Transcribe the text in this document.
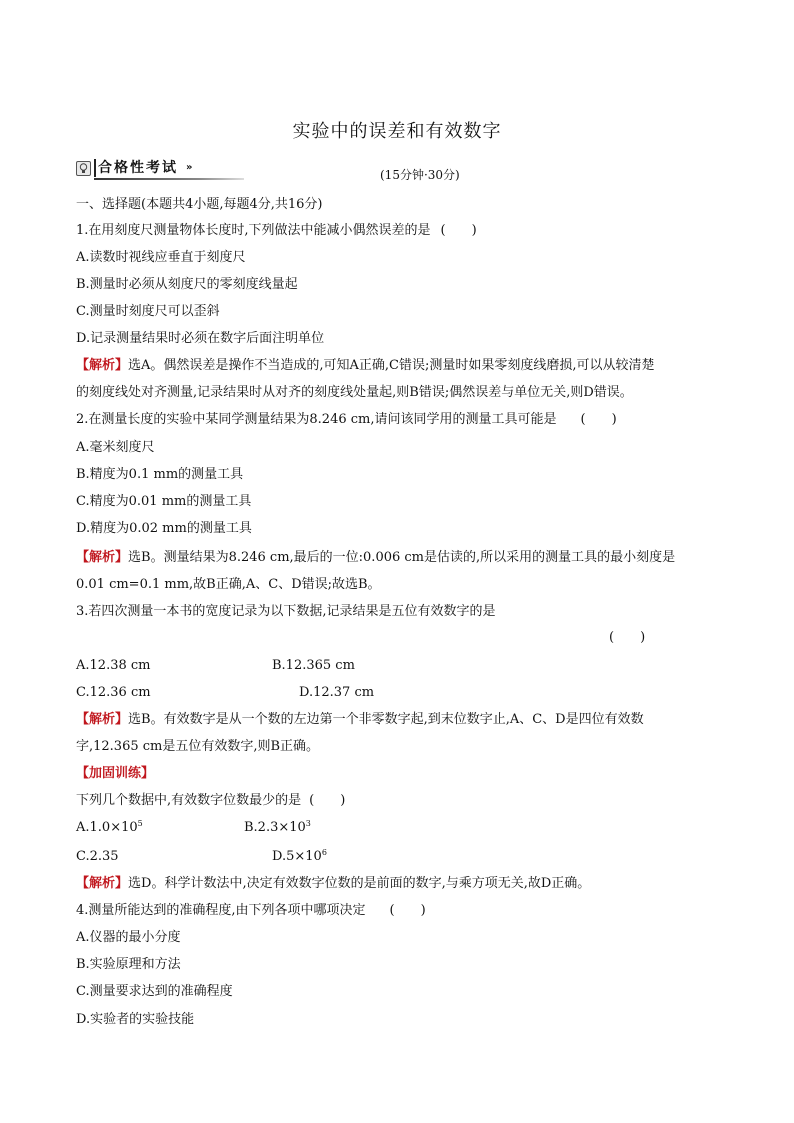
实验中的误差和有效数字
合格性考试 »
(15分钟·30分)
一、选择题(本题共4小题,每题4分,共16分)
1.在用刻度尺测量物体长度时,下列做法中能减小偶然误差的是 (　　)
A.读数时视线应垂直于刻度尺
B.测量时必须从刻度尺的零刻度线量起
C.测量时刻度尺可以歪斜
D.记录测量结果时必须在数字后面注明单位
【解析】选A。偶然误差是操作不当造成的,可知A正确,C错误;测量时如果零刻度线磨损,可以从较清楚
的刻度线处对齐测量,记录结果时从对齐的刻度线处量起,则B错误;偶然误差与单位无关,则D错误。
2.在测量长度的实验中某同学测量结果为8.246 cm,请问该同学用的测量工具可能是 (　　)
A.毫米刻度尺
B.精度为0.1 mm的测量工具
C.精度为0.01 mm的测量工具
D.精度为0.02 mm的测量工具
【解析】选B。测量结果为8.246 cm,最后的一位:0.006 cm是估读的,所以采用的测量工具的最小刻度是
0.01 cm=0.1 mm,故B正确,A、C、D错误;故选B。
3.若四次测量一本书的宽度记录为以下数据,记录结果是五位有效数字的是
(　　)
A.12.38 cm	B.12.365 cm
C.12.36 cm	D.12.37 cm
【解析】选B。有效数字是从一个数的左边第一个非零数字起,到末位数字止,A、C、D是四位有效数
字,12.365 cm是五位有效数字,则B正确。
【加固训练】
下列几个数据中,有效数字位数最少的是 (　　)
$A.1.0\times 10^5$	$B.2.3\times 10^3$
C.2.35	$D.5\times 10^6$
【解析】选D。科学计数法中,决定有效数字位数的是前面的数字,与乘方项无关,故D正确。
4.测量所能达到的准确程度,由下列各项中哪项决定 (　　)
A.仪器的最小分度
B.实验原理和方法
C.测量要求达到的准确程度
D.实验者的实验技能
